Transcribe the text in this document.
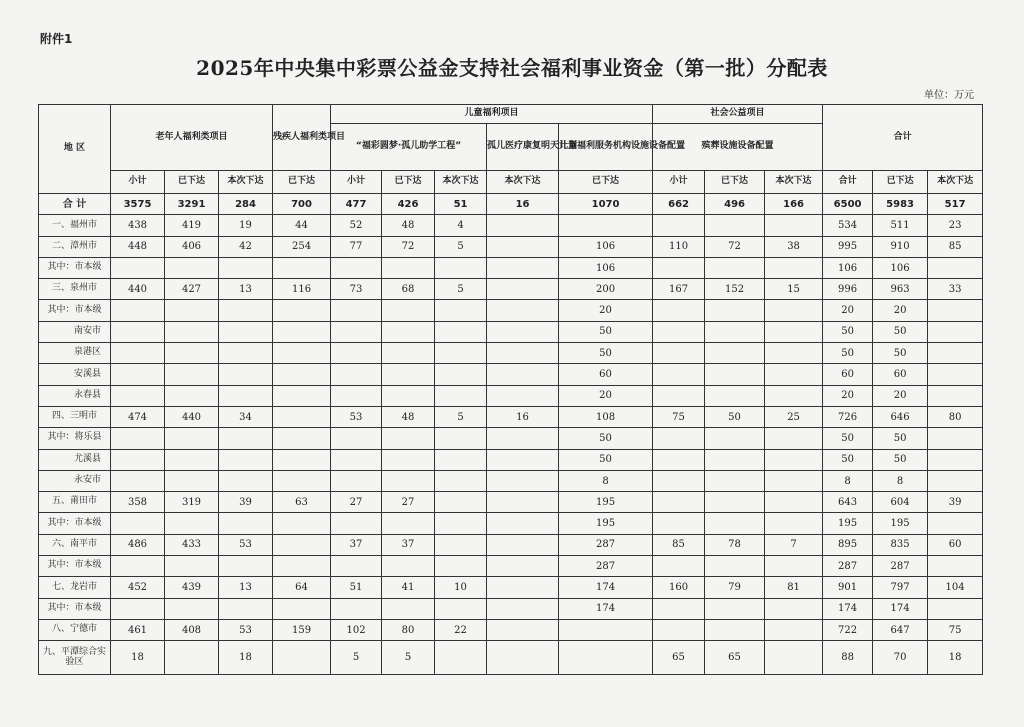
附件1
2025年中央集中彩票公益金支持社会福利事业资金（第一批）分配表
单位：万元
地 区	老年人福利类项目			残疾人福利类项目	儿童福利项目					社会公益项目			合计		
					“福彩圆梦·孤儿助学工程”			孤儿医疗康复明天计划	儿童福利服务机构设施设备配置	殡葬设施设备配置					
	小计	已下达	本次下达	已下达	小计	已下达	本次下达	本次下达	已下达	小计	已下达	本次下达	合计	已下达	本次下达
合 计	3575	3291	284	700	477	426	51	16	1070	662	496	166	6500	5983	517
一、福州市	438	419	19	44	52	48	4						534	511	23
二、漳州市	448	406	42	254	77	72	5		106	110	72	38	995	910	85
其中：市本级									106				106	106	
三、泉州市	440	427	13	116	73	68	5		200	167	152	15	996	963	33
其中：市本级									20				20	20	
南安市									50				50	50	
泉港区									50				50	50	
安溪县									60				60	60	
永春县									20				20	20	
四、三明市	474	440	34		53	48	5	16	108	75	50	25	726	646	80
其中：将乐县									50				50	50	
尤溪县									50				50	50	
永安市									8				8	8	
五、莆田市	358	319	39	63	27	27			195				643	604	39
其中：市本级									195				195	195	
六、南平市	486	433	53		37	37			287	85	78	7	895	835	60
其中：市本级									287				287	287	
七、龙岩市	452	439	13	64	51	41	10		174	160	79	81	901	797	104
其中：市本级									174				174	174	
八、宁德市	461	408	53	159	102	80	22						722	647	75
九、平潭综合实验区	18		18		5	5				65	65		88	70	18
